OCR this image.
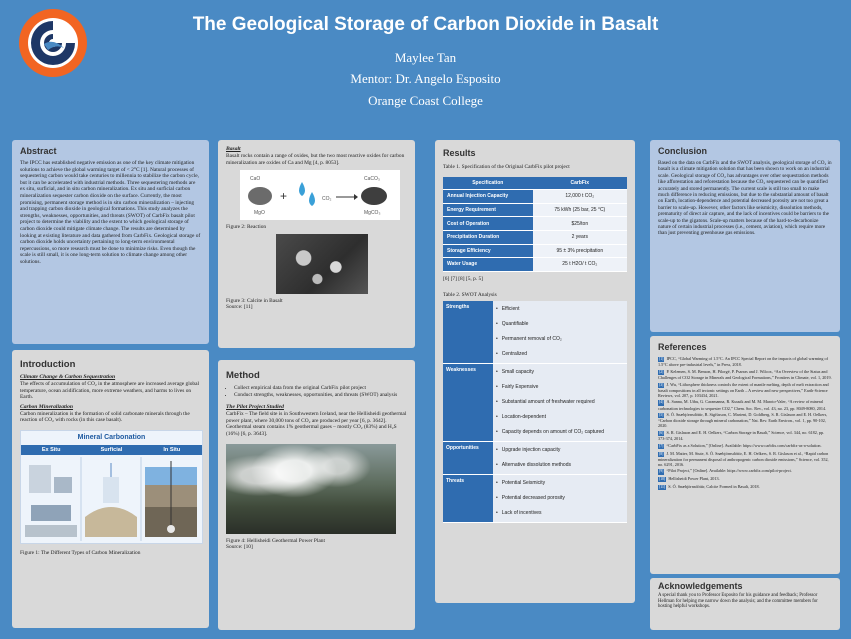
The Geological Storage of Carbon Dioxide in Basalt
Maylee Tan
Mentor: Dr. Angelo Esposito
Orange Coast College
Abstract

The IPCC has established negative emission as one of the key climate mitigation solutions to achieve the global warming target of < 2°C [1]. Natural processes of sequestering carbon would take centuries to millennia to stabilize the carbon cycle, but it can be accelerated with industrial methods. Three sequestering methods are ex situ, surficial, and in situ carbon mineralization. Ex situ and surficial carbon mineralization sequester carbon dioxide on the surface. Currently, the most promising, permanent storage method is in situ carbon mineralization – injecting and trapping carbon dioxide in geological formations. This study analyzes the strengths, weaknesses, opportunities, and threats (SWOT) of CarbFix basalt pilot project to determine the viability and the extent to which geological storage of carbon dioxide could mitigate climate change. The results are determined by looking at existing literature and data gathered from CarbFix. Geological storage of carbon dioxide holds uncertainty pertaining to long-term environmental repercussions, so more research must be done to minimize risks. Even though the scale is still small, it is one long-term solution to climate change among other solutions.

Introduction
Climate Change & Carbon Sequestration

The effects of accumulation of CO₂ in the atmosphere are increased average global temperature, ocean acidification, more extreme weathers, and harms to lives on Earth.

Carbon Mineralization

Carbon mineralization is the formation of solid carbonate minerals through the reaction of CO₂ with rocks (in this case basalt).

Mineral Carbonation
Ex Situ	Surficial	In Situ

Figure 1: The Different Types of Carbon Mineralization

Basalt

Basalt rocks contain a range of oxides, but the two most reactive oxides for carbon mineralization are oxides of Ca and Mg [4, p. 8053].

CaO
MgO
+	CO₂
CaCO₃
MgCO₃

Figure 2: Reaction

Figure 3: Calcite in Basalt

Source: [11]

Method
• Collect empirical data from the original CarbFix pilot project
• Conduct strengths, weaknesses, opportunities, and threats (SWOT) analysis
The Pilot Project Studied

CarbFix – The field site is in Southwestern Iceland, near the Hellisheidi geothermal power plant, where 30,000 tons of CO₂ are produced per year [6, p. 3642]. Geothermal steam contains 1% geothermal gases – mostly CO₂ (83%) and H₂S (16%) [6, p. 3643].

Figure 4: Hellisheidi Geothermal Power Plant

Source: [10]

Results

Table 1. Specification of the Original CarbFix pilot project

Specification	CarbFix
Annual Injection Capacity	12,000 t CO₂
Energy Requirement	75 kWh (25 bar, 25 °C)
Cost of Operation	$25/ton
Precipitation Duration	2 years
Storage Efficiency	95 ± 3% precipitation
Water Usage	25 t H2O/ t CO₂

[6] [7] [8] [5, p. 5]

Table 2. SWOT Analysis

Strengths	• Efficient
• Quantifiable
• Permanent removal of CO₂
• Centralized

Weaknesses	• Small capacity
• Fairly Expensive
• Substantial amount of freshwater required
• Location-dependent
• Capacity depends on amount of CO₂ captured

Opportunities	• Upgrade injection capacity
• Alternative dissolution methods

Threats	• Potential Seismicity
• Potential decreased porosity
• Lack of incentives
Conclusion

Based on the data on CarbFix and the SWOT analysis, geological storage of CO₂ in basalt is a climate mitigation solution that has been shown to work on an industrial scale. Geological storage of CO₂ has advantages over other sequestration methods like afforestation and reforestation because the CO₂ sequestered can be quantified accurately and stored permanently. The current scale is still too small to make much difference in reducing emissions, but due to the substantial amount of basalt on Earth, location-dependence and potential decreased porosity are not too great a barrier to scale-up. However, other factors like seismicity, dissolution methods, prematurity of direct air capture, and the lack of incentives could be barriers to the scale-up to the gigatons. Scale-up matters because of the hard-to-decarbonize nature of certain industrial processes (i.e., cement, aviation), which require more than just preventing greenhouse gas emissions.

References
[1] IPCC, “Global Warming of 1.5°C. An IPCC Special Report on the impacts of global warming of 1.5°C above pre-industrial levels,” in Press, 2018.
[2] P. Kelemen, S. M. Benson, H. Pilorgé, P. Psarras and J. Wilcox, “An Overview of the Status and Challenges of CO2 Storage in Minerals and Geological Formations,” Frontiers in Climate, vol. 1, 2019.
[3] J. Wu, “Lithosphere thickness controls the extent of mantle melting, depth of melt extraction and basalt compositions in all tectonic settings on Earth – A review and new perspectives,” Earth-Science Reviews, vol. 207, p. 103434, 2021.
[4] A. Sanna, M. Uibu, G. Caramanna, R. Kuusik and M. M. Maroto-Valer, “A review of mineral carbonation technologies to sequester CO2,” Chem. Soc. Rev., vol. 43, no. 23, pp. 8049-8080, 2014.
[5] S. Ó. Snæbjörnsdóttir, B. Sigfússon, C. Marieni, D. Goldberg, S. R. Gislason and E. H. Oelkers, “Carbon dioxide storage through mineral carbonation,” Nat. Rev. Earth Environ., vol. 1, pp. 90-102, 2020.
[6] S. R. Gislason and E. H. Oelkers, “Carbon Storage in Basalt,” Science, vol. 344, no. 6182, pp. 373-374, 2014.
[7] “CarbFix as a Solution,” [Online]. Available: https://www.carbfix.com/carbfix-as-a-solution.
[8] J. M. Matter, M. Stute, S. Ó. Snæbjörnsdóttir, E. H. Oelkers, S. R. Gislason et al., “Rapid carbon mineralization for permanent disposal of anthropogenic carbon dioxide emissions,” Science, vol. 352, no. 6291, 2016.
[9] “Pilot Project,” [Online]. Available: https://www.carbfix.com/pilot-project.
[10] Hellisheidi Power Plant, 2013.
[11] S. Ó. Snæbjörnsdóttir, Calcite Formed in Basalt, 2018.
Acknowledgements

A special thank you to Professor Esposito for his guidance and feedback; Professor Hellman for helping me narrow down the analysis; and the committee members for hosting helpful workshops.
